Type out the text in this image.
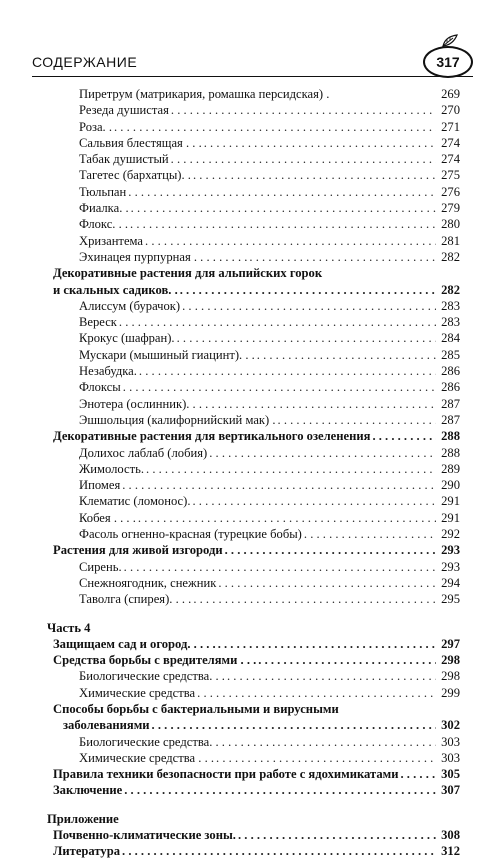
СОДЕРЖАНИЕ	317
Пиретрум (матрикария, ромашка персидская) .	269
Резеда душистая . . .	270
Роза. . . . .	271
Сальвия блестящая . . . . . .	274
Табак душистый . . .	274
Тагетес (бархатцы). . . . .	275
Тюльпан . . .	276
Фиалка. . . . .	279
Флокс. . . . . .	280
Хризантема . . .	281
Эхинацея пурпурная . . . . . . . . . . . .	282
Декоративные растения для альпийских горок
и скальных садиков. . . . .	282
Алиссум (бурачок) . . .	283
Вереск . . .	283
Крокус (шафран). . . .	284
Мускари (мышиный гиацинт). . . . . .	285
Незабудка. . . .	286
Флоксы . . .	286
Энотера (ослинник). . . . . . . . . .	287
Эшшольция (калифорнийский мак) . . . .	287
Декоративные растения для вертикального озеленения . . .	288
Долихос лаблаб (лобия) . . .	288
Жимолость. . . .	289
Ипомея . . .	290
Клематис (ломонос). . . .	291
Кобея . . . . . . .	291
Фасоль огненно-красная (турецкие бобы) . . .	292
Растения для живой изгороди . . .	293
Сирень. . . .	293
Снежноягодник, снежник . . .	294
Таволга (спирея). . . . . . .	295
Часть 4
Защищаем сад и огород. . . . . . . .	297
Средства борьбы с вредителями . . . . . .	298
Биологические средства. . . . . .	298
Химические средства . . .	299
Способы борьбы с бактериальными и вирусными
заболеваниями . . .	302
Биологические средства. . . . . . . . . . . . . .	303
Химические средства . . . . . .	303
Правила техники безопасности при работе с ядохимикатами . . .	305
Заключение . . .	307
Приложение
Почвенно-климатические зоны. . . .	308
Литература . . .	312
